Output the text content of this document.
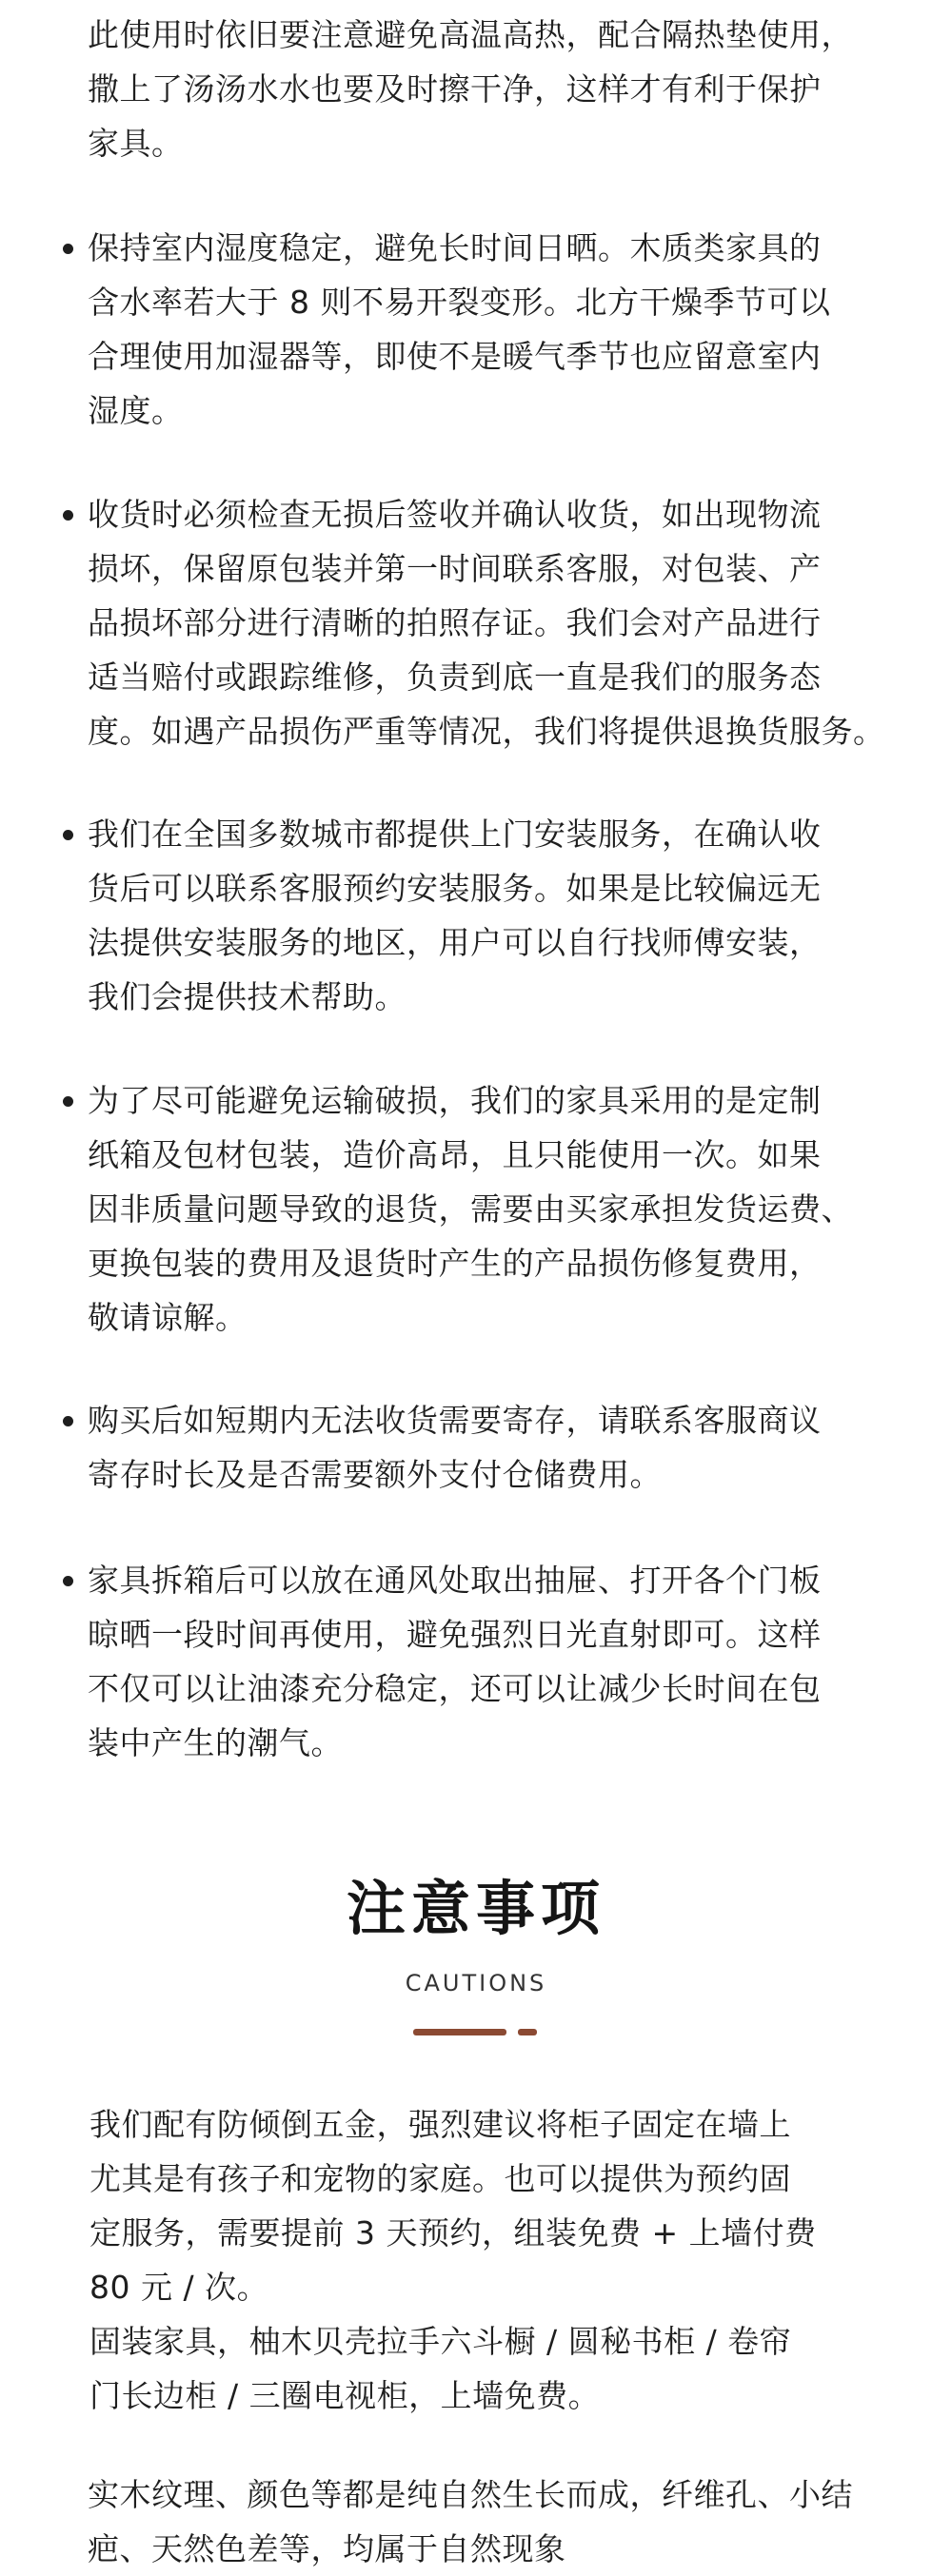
此使用时依旧要注意避免高温高热，配合隔热垫使用，
撒上了汤汤水水也要及时擦干净，这样才有利于保护
家具。

保持室内湿度稳定，避免长时间日晒。木质类家具的
含水率若大于 8 则不易开裂变形。北方干燥季节可以
合理使用加湿器等，即使不是暖气季节也应留意室内
湿度。

收货时必须检查无损后签收并确认收货，如出现物流
损坏，保留原包装并第一时间联系客服，对包装、产
品损坏部分进行清晰的拍照存证。我们会对产品进行
适当赔付或跟踪维修，负责到底一直是我们的服务态
度。如遇产品损伤严重等情况，我们将提供退换货服务。

我们在全国多数城市都提供上门安装服务，在确认收
货后可以联系客服预约安装服务。如果是比较偏远无
法提供安装服务的地区，用户可以自行找师傅安装，
我们会提供技术帮助。

为了尽可能避免运输破损，我们的家具采用的是定制
纸箱及包材包装，造价高昂，且只能使用一次。如果
因非质量问题导致的退货，需要由买家承担发货运费、
更换包装的费用及退货时产生的产品损伤修复费用，
敬请谅解。

购买后如短期内无法收货需要寄存，请联系客服商议
寄存时长及是否需要额外支付仓储费用。

家具拆箱后可以放在通风处取出抽屉、打开各个门板
晾晒一段时间再使用，避免强烈日光直射即可。这样
不仅可以让油漆充分稳定，还可以让减少长时间在包
装中产生的潮气。

注意事项
CAUTIONS

我们配有防倾倒五金，强烈建议将柜子固定在墙上
尤其是有孩子和宠物的家庭。也可以提供为预约固
定服务，需要提前 3 天预约，组装免费 + 上墙付费
80 元 / 次。
固装家具，柚木贝壳拉手六斗橱 / 圆秘书柜 / 卷帘
门长边柜 / 三圈电视柜，上墙免费。

实木纹理、颜色等都是纯自然生长而成，纤维孔、小结
疤、天然色差等，均属于自然现象
